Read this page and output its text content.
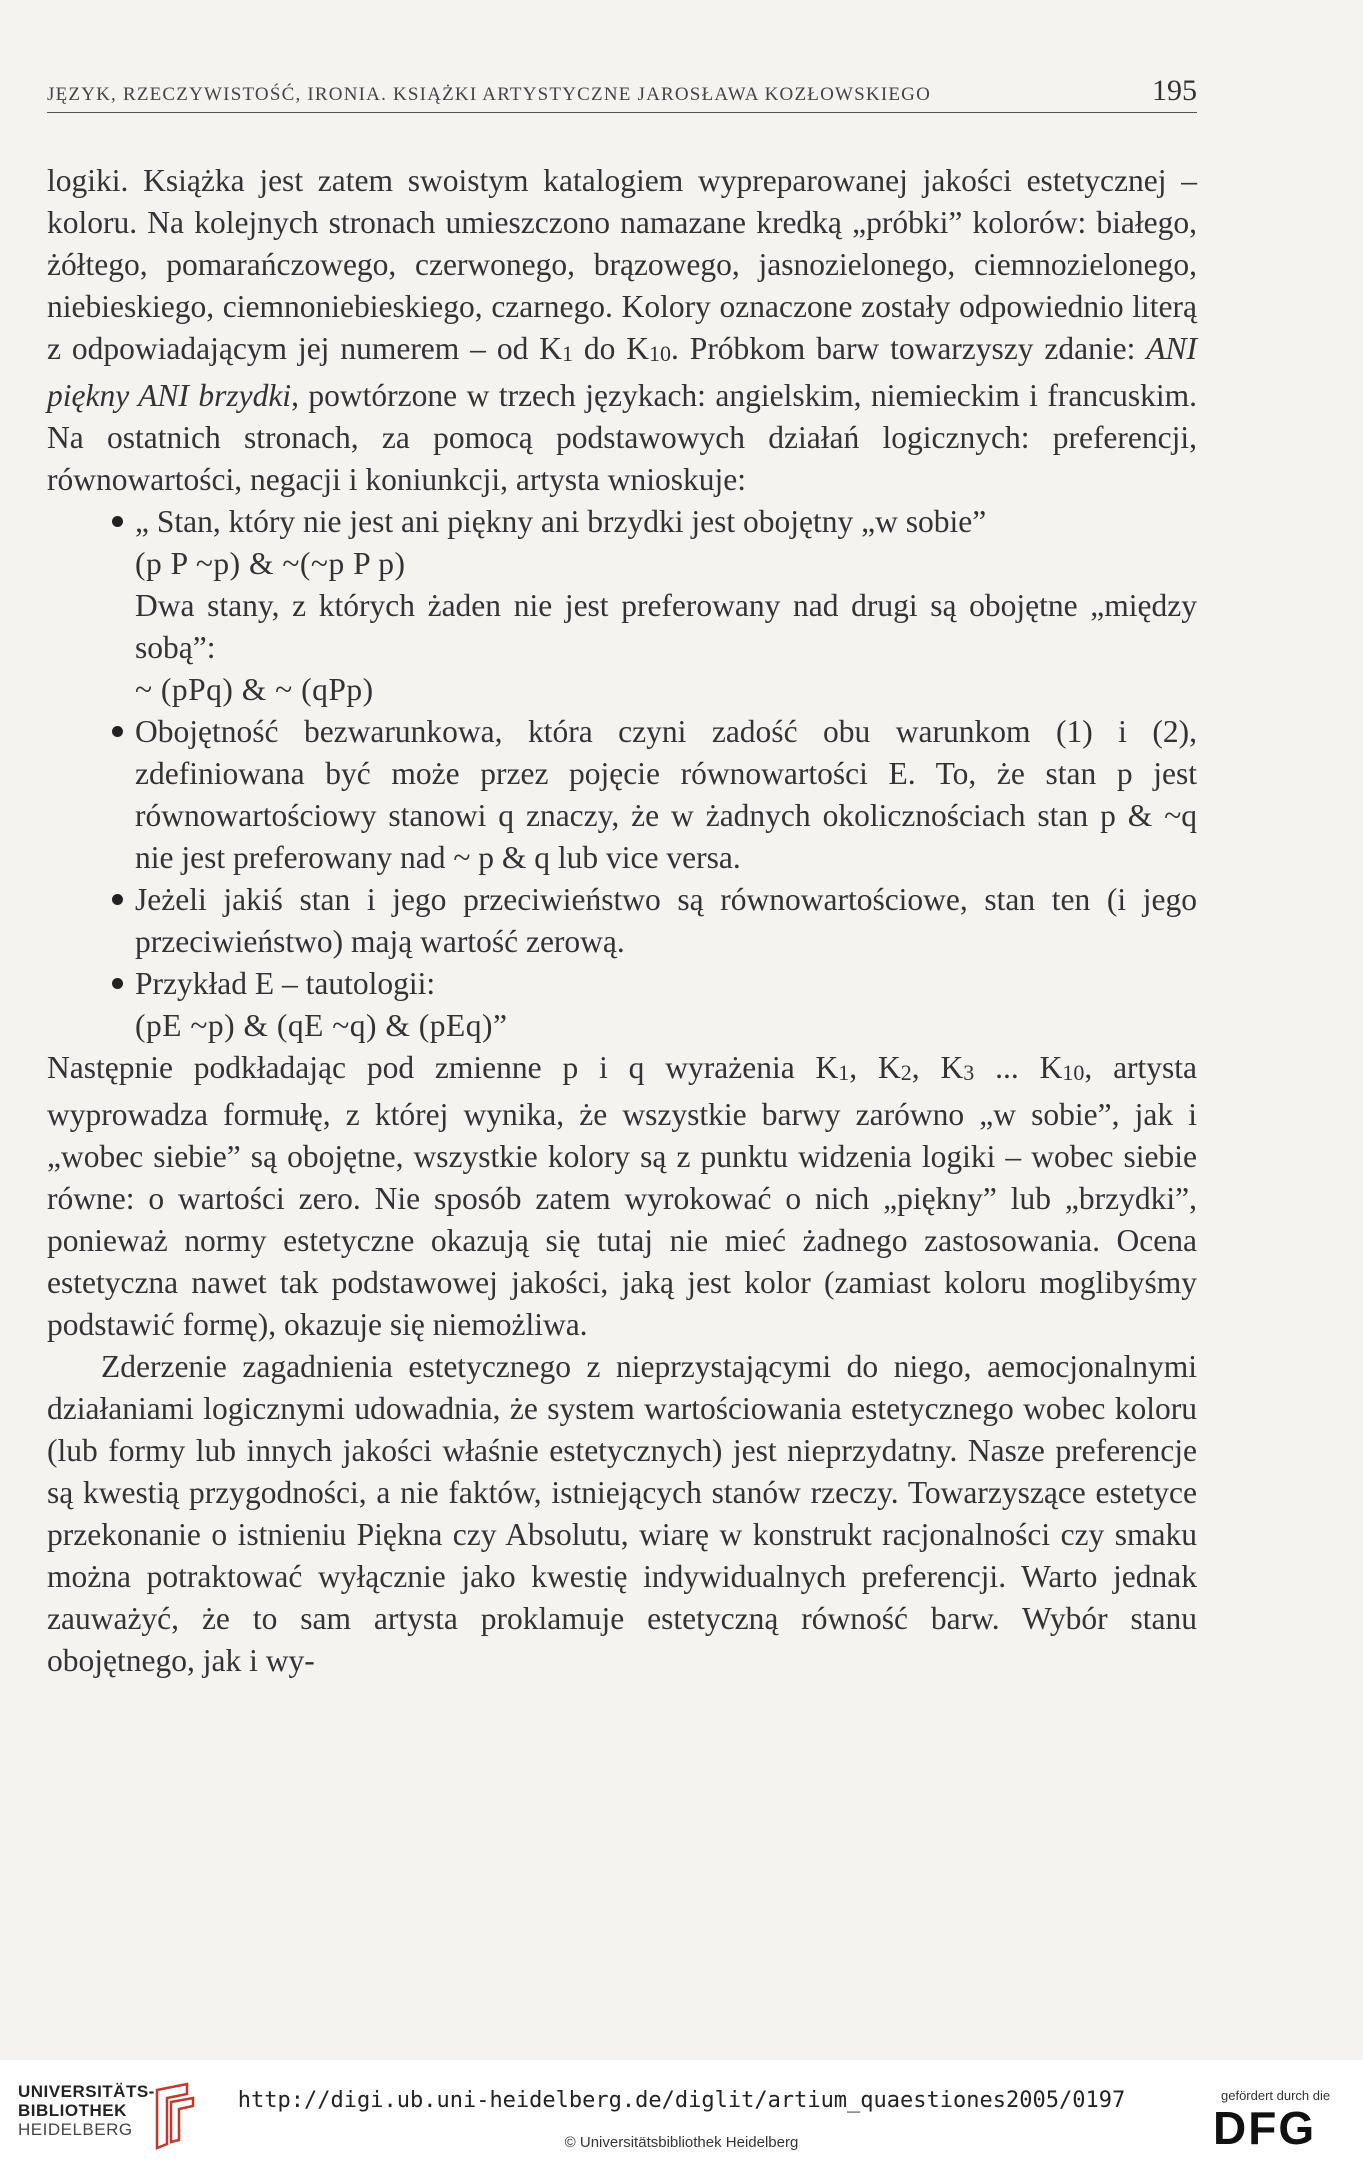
JĘZYK, RZECZYWISTOŚĆ, IRONIA. KSIĄŻKI ARTYSTYCZNE JAROSŁAWA KOZŁOWSKIEGO	195

logiki. Książka jest zatem swoistym katalogiem wypreparowanej jakości estetycznej – koloru. Na kolejnych stronach umieszczono namazane kredką „próbki” kolorów: białego, żółtego, pomarańczowego, czerwonego, brązowego, jasnozielonego, ciemnozielonego, niebieskiego, ciemnoniebieskiego, czarnego. Kolory oznaczone zostały odpowiednio literą z odpowiadającym jej numerem – od K1 do K10. Próbkom barw towarzyszy zdanie: ANI piękny ANI brzydki, powtórzone w trzech językach: angielskim, niemieckim i francuskim. Na ostatnich stronach, za pomocą podstawowych działań logicznych: preferencji, równowartości, negacji i koniunkcji, artysta wnioskuje:

„ Stan, który nie jest ani piękny ani brzydki jest obojętny „w sobie”

(p P ~p) & ~(~p P p)

Dwa stany, z których żaden nie jest preferowany nad drugi są obojętne „między sobą”:

~ (pPq) & ~ (qPp)

Obojętność bezwarunkowa, która czyni zadość obu warunkom (1) i (2), zdefiniowana być może przez pojęcie równowartości E. To, że stan p jest równowartościowy stanowi q znaczy, że w żadnych okolicznościach stan p & ~q nie jest preferowany nad ~ p & q lub vice versa.

Jeżeli jakiś stan i jego przeciwieństwo są równowartościowe, stan ten (i jego przeciwieństwo) mają wartość zerową.

Przykład E – tautologii:

(pE ~p) & (qE ~q) & (pEq)”

Następnie podkładając pod zmienne p i q wyrażenia K1, K2, K3 ... K10, artysta wyprowadza formułę, z której wynika, że wszystkie barwy zarówno „w sobie”, jak i „wobec siebie” są obojętne, wszystkie kolory są z punktu widzenia logiki – wobec siebie równe: o wartości zero. Nie sposób zatem wyrokować o nich „piękny” lub „brzydki”, ponieważ normy estetyczne okazują się tutaj nie mieć żadnego zastosowania. Ocena estetyczna nawet tak podstawowej jakości, jaką jest kolor (zamiast koloru moglibyśmy podstawić formę), okazuje się niemożliwa.

Zderzenie zagadnienia estetycznego z nieprzystającymi do niego, aemocjonalnymi działaniami logicznymi udowadnia, że system wartościowania estetycznego wobec koloru (lub formy lub innych jakości właśnie estetycznych) jest nieprzydatny. Nasze preferencje są kwestią przygodności, a nie faktów, istniejących stanów rzeczy. Towarzyszące estetyce przekonanie o istnieniu Piękna czy Absolutu, wiarę w konstrukt racjonalności czy smaku można potraktować wyłącznie jako kwestię indywidualnych preferencji. Warto jednak zauważyć, że to sam artysta proklamuje estetyczną równość barw. Wybór stanu obojętnego, jak i wy-

UNIVERSITÄTS-
BIBLIOTHEK
HEIDELBERG
http://digi.ub.uni-heidelberg.de/diglit/artium_quaestiones2005/0197
© Universitätsbibliothek Heidelberg
gefördert durch die
DFG
